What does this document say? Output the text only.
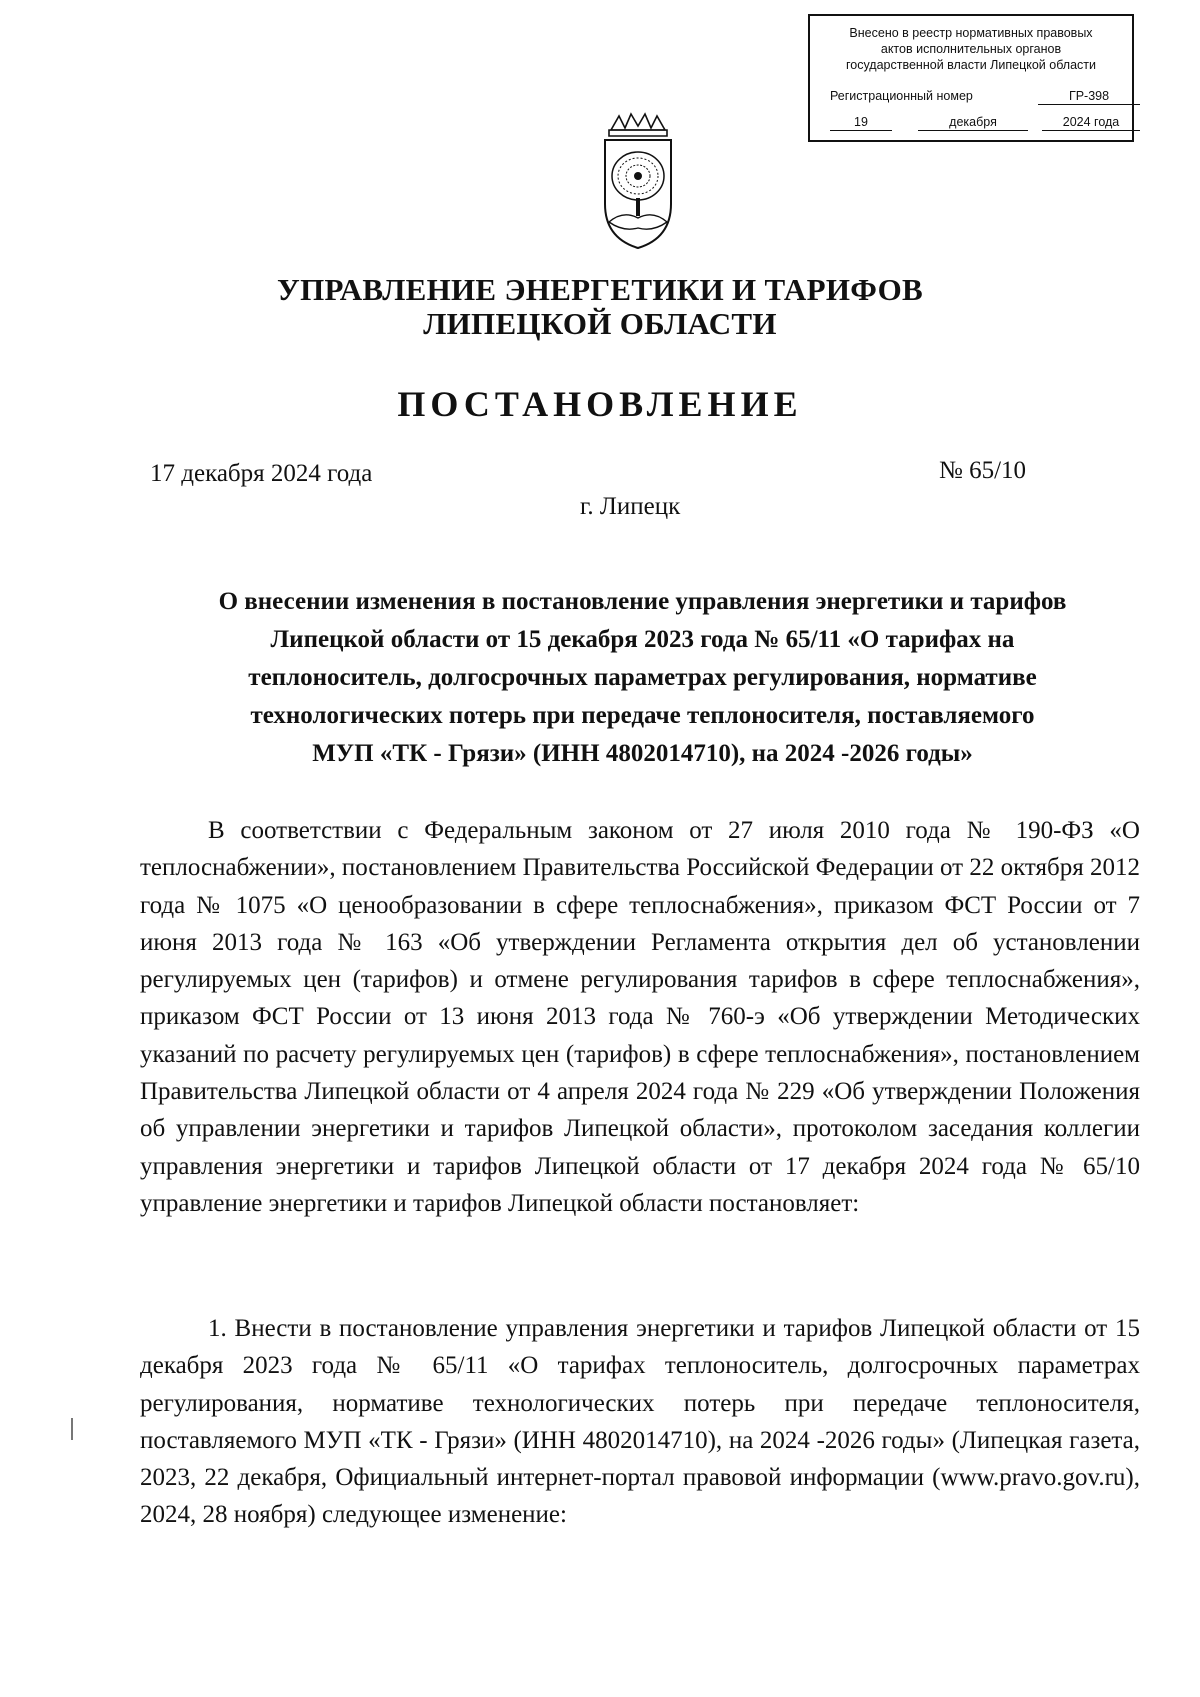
Внесено в реестр нормативных правовых
актов исполнительных органов
государственной власти Липецкой области
Регистрационный номер	ГР-398
19	декабря	2024 года
УПРАВЛЕНИЕ ЭНЕРГЕТИКИ И ТАРИФОВ
ЛИПЕЦКОЙ ОБЛАСТИ
ПОСТАНОВЛЕНИЕ
17 декабря 2024 года	№ 65/10
г. Липецк
О внесении изменения в постановление управления энергетики и тарифов
Липецкой области от 15 декабря 2023 года № 65/11 «О тарифах на
теплоноситель, долгосрочных параметрах регулирования, нормативе
технологических потерь при передаче теплоносителя, поставляемого
МУП «ТК - Грязи» (ИНН 4802014710), на 2024 -2026 годы»
В соответствии с Федеральным законом от 27 июля 2010 года № 190-ФЗ «О теплоснабжении», постановлением Правительства Российской Федерации от 22 октября 2012 года № 1075 «О ценообразовании в сфере теплоснабжения», приказом ФСТ России от 7 июня 2013 года № 163 «Об утверждении Регламента открытия дел об установлении регулируемых цен (тарифов) и отмене регулирования тарифов в сфере теплоснабжения», приказом ФСТ России от 13 июня 2013 года № 760-э «Об утверждении Методических указаний по расчету регулируемых цен (тарифов) в сфере теплоснабжения», постановлением Правительства Липецкой области от 4 апреля 2024 года № 229 «Об утверждении Положения об управлении энергетики и тарифов Липецкой области», протоколом заседания коллегии управления энергетики и тарифов Липецкой области от 17 декабря 2024 года № 65/10 управление энергетики и тарифов Липецкой области постановляет:
1. Внести в постановление управления энергетики и тарифов Липецкой области от 15 декабря 2023 года № 65/11 «О тарифах теплоноситель, долгосрочных параметрах регулирования, нормативе технологических потерь при передаче теплоносителя, поставляемого МУП «ТК - Грязи» (ИНН 4802014710), на 2024 -2026 годы» (Липецкая газета, 2023, 22 декабря, Официальный интернет-портал правовой информации (www.pravo.gov.ru), 2024, 28 ноября) следующее изменение:
